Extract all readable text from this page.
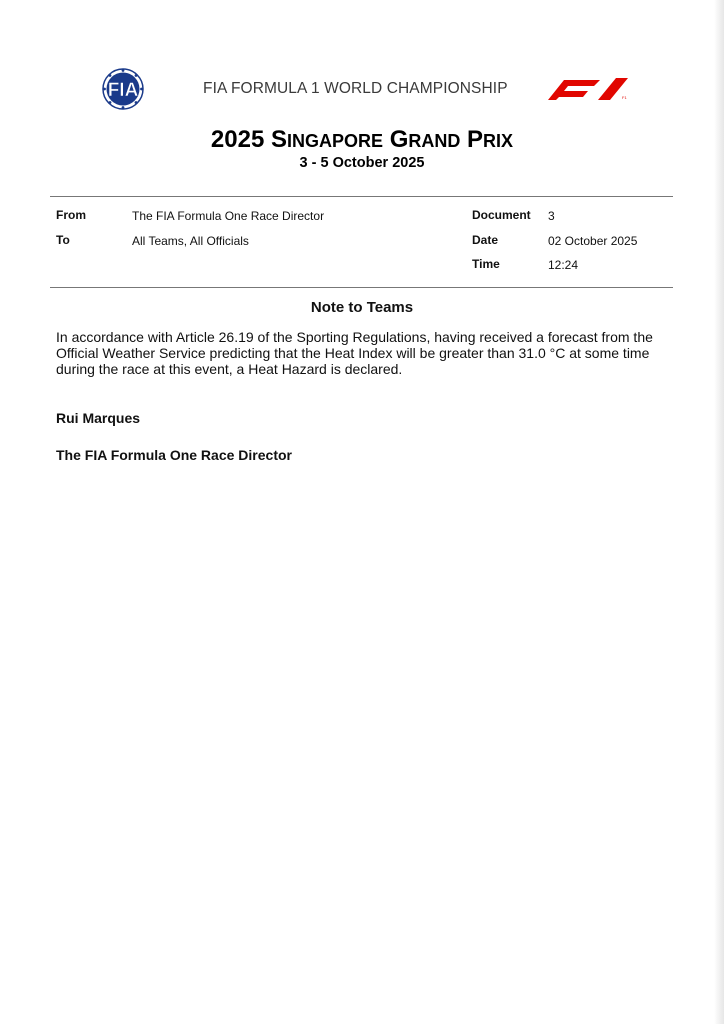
FIA	FIA FORMULA 1 WORLD CHAMPIONSHIP
F1
2025 SINGAPORE GRAND PRIX
3 - 5 October 2025
From	The FIA Formula One Race Director
To	All Teams, All Officials
Document 3
Date	02 October 2025
Time	12:24
Note to Teams
In accordance with Article 26.19 of the Sporting Regulations, having received a forecast from the Official Weather Service predicting that the Heat Index will be greater than 31.0 °C at some time during the race at this event, a Heat Hazard is declared.
Rui Marques
The FIA Formula One Race Director
